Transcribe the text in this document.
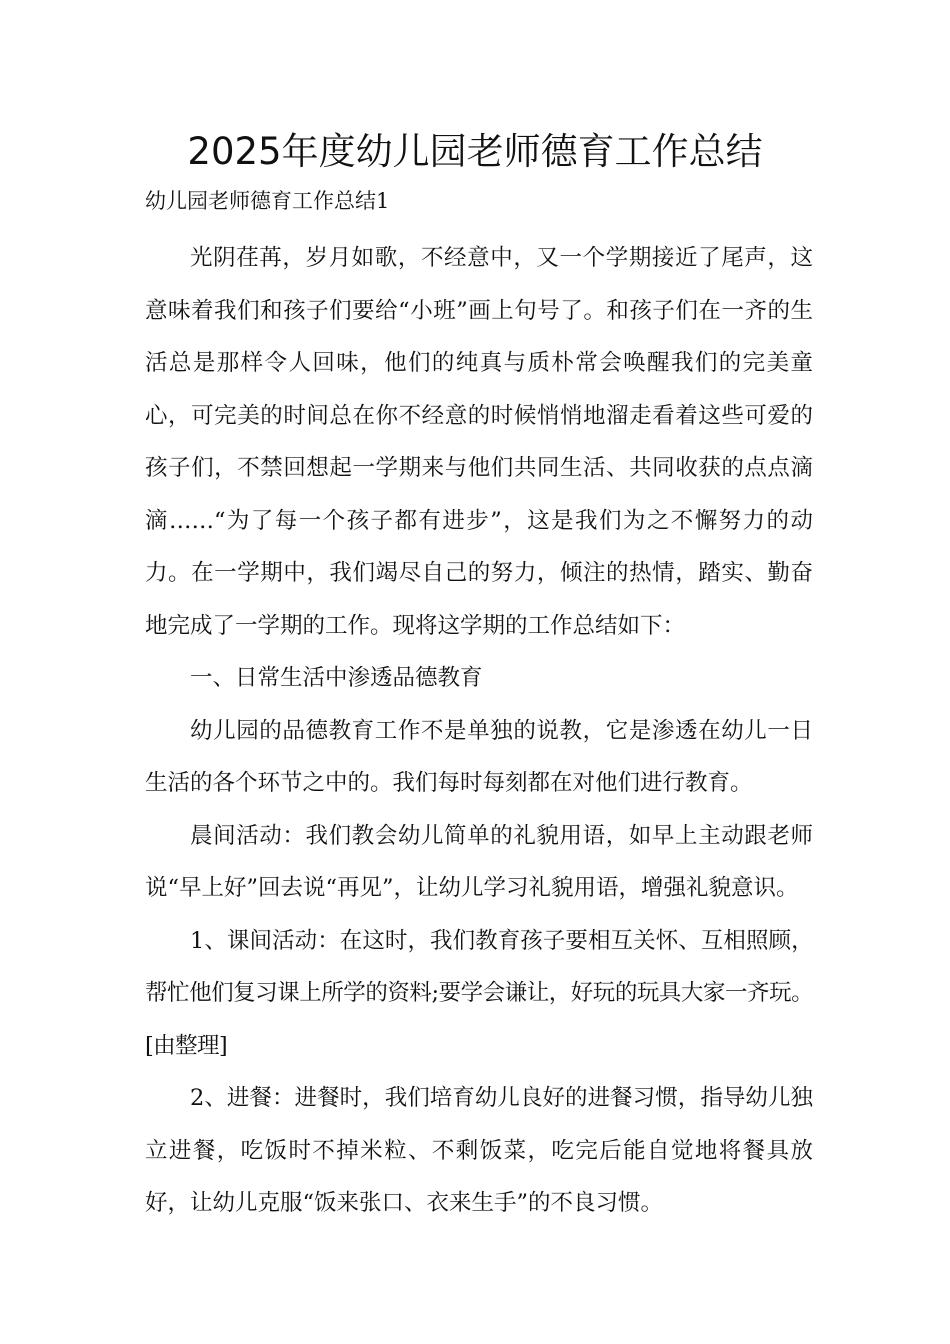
2025年度幼儿园老师德育工作总结
幼儿园老师德育工作总结1

光阴荏苒，岁月如歌，不经意中，又一个学期接近了尾声，这意味着我们和孩子们要给“小班”画上句号了。和孩子们在一齐的生活总是那样令人回味，他们的纯真与质朴常会唤醒我们的完美童心，可完美的时间总在你不经意的时候悄悄地溜走看着这些可爱的孩子们，不禁回想起一学期来与他们共同生活、共同收获的点点滴滴……“为了每一个孩子都有进步”，这是我们为之不懈努力的动力。在一学期中，我们竭尽自己的努力，倾注的热情，踏实、勤奋地完成了一学期的工作。现将这学期的工作总结如下：

一、日常生活中渗透品德教育

幼儿园的品德教育工作不是单独的说教，它是渗透在幼儿一日生活的各个环节之中的。我们每时每刻都在对他们进行教育。

晨间活动：我们教会幼儿简单的礼貌用语，如早上主动跟老师说“早上好”回去说“再见”，让幼儿学习礼貌用语，增强礼貌意识。

1、课间活动：在这时，我们教育孩子要相互关怀、互相照顾，帮忙他们复习课上所学的资料;要学会谦让，好玩的玩具大家一齐玩。[由整理]

2、进餐：进餐时，我们培育幼儿良好的进餐习惯，指导幼儿独立进餐，吃饭时不掉米粒、不剩饭菜，吃完后能自觉地将餐具放好，让幼儿克服“饭来张口、衣来生手”的不良习惯。
